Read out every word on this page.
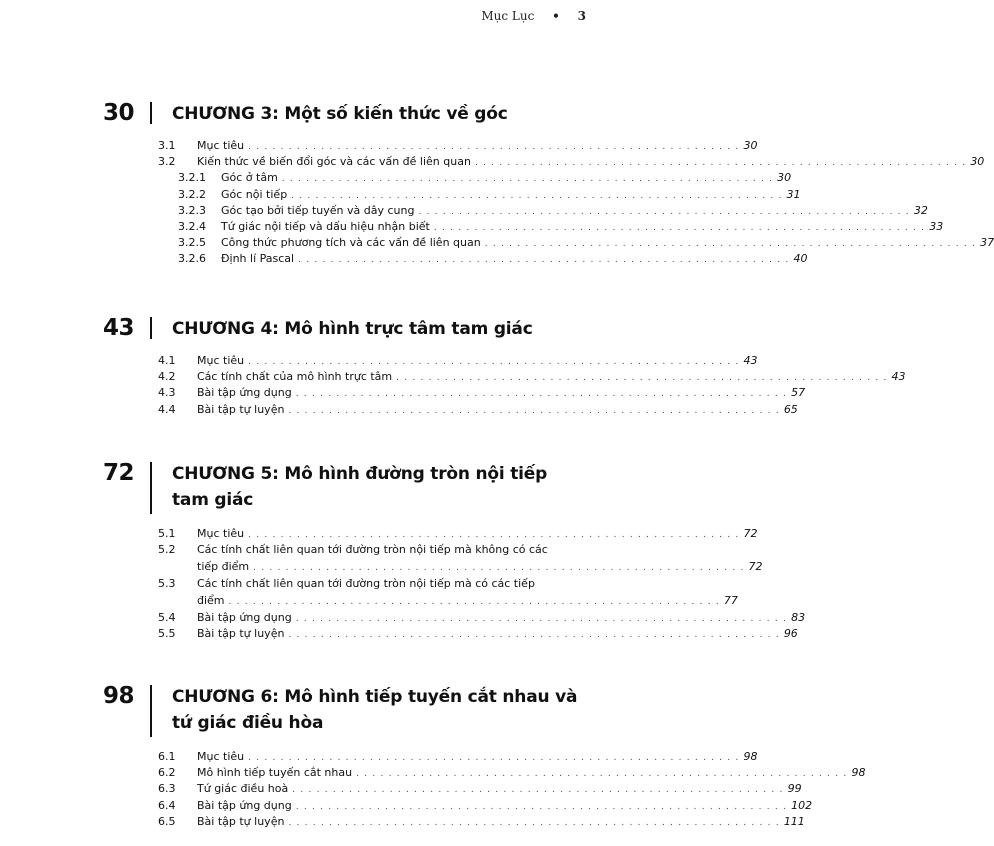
Mục Lục • 3
30 CHƯƠNG 3: Một số kiến thức về góc
3.1 Mục tiêu . . . . . . . . . . . . . . . . . . . . . . . . . . . . . . . . . . . . . . . . . . . . . . . . . . . . . . . . . . . . . 30
3.2 Kiến thức về biến đổi góc và các vấn đề liên quan . . . . . . . . . . . . . . . . . . . . . . . . . . . . . . . . . . . . . . . . . . . . . . . . . . . . . . . . . . . . . 30
3.2.1 Góc ở tâm . . . . . . . . . . . . . . . . . . . . . . . . . . . . . . . . . . . . . . . . . . . . . . . . . . . . . . . . . . . . . 30
3.2.2 Góc nội tiếp . . . . . . . . . . . . . . . . . . . . . . . . . . . . . . . . . . . . . . . . . . . . . . . . . . . . . . . . . . . . . 31
3.2.3 Góc tạo bởi tiếp tuyến và dây cung . . . . . . . . . . . . . . . . . . . . . . . . . . . . . . . . . . . . . . . . . . . . . . . . . . . . . . . . . . . . . 32
3.2.4 Tứ giác nội tiếp và dấu hiệu nhận biết . . . . . . . . . . . . . . . . . . . . . . . . . . . . . . . . . . . . . . . . . . . . . . . . . . . . . . . . . . . . . 33
3.2.5 Công thức phương tích và các vấn đề liên quan . . . . . . . . . . . . . . . . . . . . . . . . . . . . . . . . . . . . . . . . . . . . . . . . . . . . . . . . . . . . . 37
3.2.6 Định lí Pascal . . . . . . . . . . . . . . . . . . . . . . . . . . . . . . . . . . . . . . . . . . . . . . . . . . . . . . . . . . . . . 40
43 CHƯƠNG 4: Mô hình trực tâm tam giác
4.1 Mục tiêu . . . . . . . . . . . . . . . . . . . . . . . . . . . . . . . . . . . . . . . . . . . . . . . . . . . . . . . . . . . . . 43
4.2 Các tính chất của mô hình trực tâm . . . . . . . . . . . . . . . . . . . . . . . . . . . . . . . . . . . . . . . . . . . . . . . . . . . . . . . . . . . . . 43
4.3 Bài tập ứng dụng . . . . . . . . . . . . . . . . . . . . . . . . . . . . . . . . . . . . . . . . . . . . . . . . . . . . . . . . . . . . . 57
4.4 Bài tập tự luyện . . . . . . . . . . . . . . . . . . . . . . . . . . . . . . . . . . . . . . . . . . . . . . . . . . . . . . . . . . . . . 65
72 CHƯƠNG 5: Mô hình đường tròn nội tiếp
tam giác
5.1 Mục tiêu . . . . . . . . . . . . . . . . . . . . . . . . . . . . . . . . . . . . . . . . . . . . . . . . . . . . . . . . . . . . . 72
5.2 Các tính chất liên quan tới đường tròn nội tiếp mà không có các
tiếp điểm . . . . . . . . . . . . . . . . . . . . . . . . . . . . . . . . . . . . . . . . . . . . . . . . . . . . . . . . . . . . . 72
5.3 Các tính chất liên quan tới đường tròn nội tiếp mà có các tiếp
điểm . . . . . . . . . . . . . . . . . . . . . . . . . . . . . . . . . . . . . . . . . . . . . . . . . . . . . . . . . . . . . 77
5.4 Bài tập ứng dụng . . . . . . . . . . . . . . . . . . . . . . . . . . . . . . . . . . . . . . . . . . . . . . . . . . . . . . . . . . . . . 83
5.5 Bài tập tự luyện . . . . . . . . . . . . . . . . . . . . . . . . . . . . . . . . . . . . . . . . . . . . . . . . . . . . . . . . . . . . . 96
98 CHƯƠNG 6: Mô hình tiếp tuyến cắt nhau và
tứ giác điều hòa
6.1 Mục tiêu . . . . . . . . . . . . . . . . . . . . . . . . . . . . . . . . . . . . . . . . . . . . . . . . . . . . . . . . . . . . . 98
6.2 Mô hình tiếp tuyến cắt nhau . . . . . . . . . . . . . . . . . . . . . . . . . . . . . . . . . . . . . . . . . . . . . . . . . . . . . . . . . . . . . 98
6.3 Tứ giác điều hoà . . . . . . . . . . . . . . . . . . . . . . . . . . . . . . . . . . . . . . . . . . . . . . . . . . . . . . . . . . . . . 99
6.4 Bài tập ứng dụng . . . . . . . . . . . . . . . . . . . . . . . . . . . . . . . . . . . . . . . . . . . . . . . . . . . . . . . . . . . . . 102
6.5 Bài tập tự luyện . . . . . . . . . . . . . . . . . . . . . . . . . . . . . . . . . . . . . . . . . . . . . . . . . . . . . . . . . . . . . 111
